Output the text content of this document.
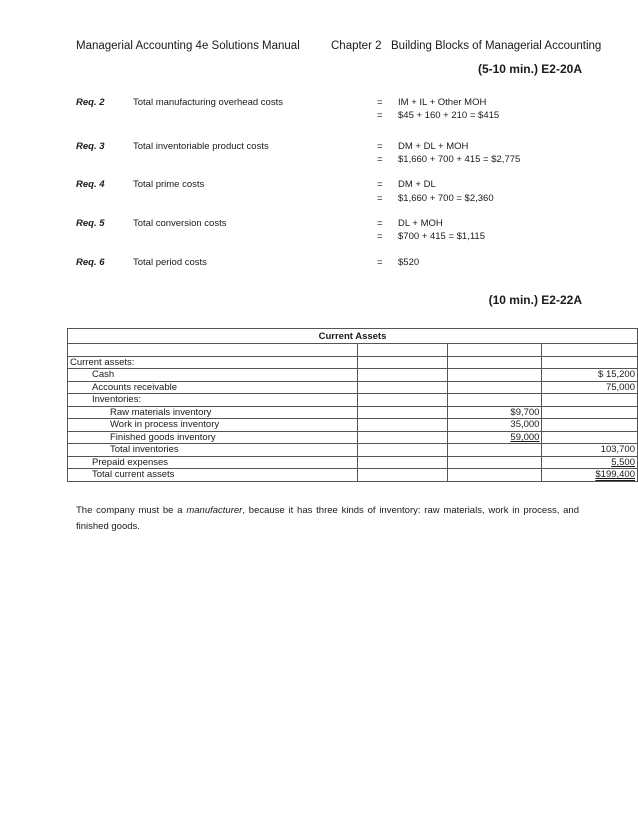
Managerial Accounting 4e Solutions Manual	Chapter 2 Building Blocks of Managerial Accounting
(5-10 min.) E2-20A
Req. 2	Total manufacturing overhead costs	= IM + IL + Other MOH
= $45 + 160 + 210 = $415
Req. 3	Total inventoriable product costs	= DM + DL + MOH
= $1,660 + 700 + 415 = $2,775
Req. 4	Total prime costs	= DM + DL
= $1,660 + 700 = $2,360
Req. 5	Total conversion costs	= DL + MOH
= $700 + 415 = $1,115
Req. 6	Total period costs	= $520
(10 min.) E2-22A
Current Assets			

Current assets:			
Cash			$ 15,200
Accounts receivable			75,000
Inventories:			
Raw materials inventory		$9,700	
Work in process inventory		35,000	
Finished goods inventory		59,000	
Total inventories			103,700
Prepaid expenses			5,500
Total current assets			$199,400
The company must be a manufacturer, because it has three kinds of inventory: raw materials, work in process, and finished goods.
